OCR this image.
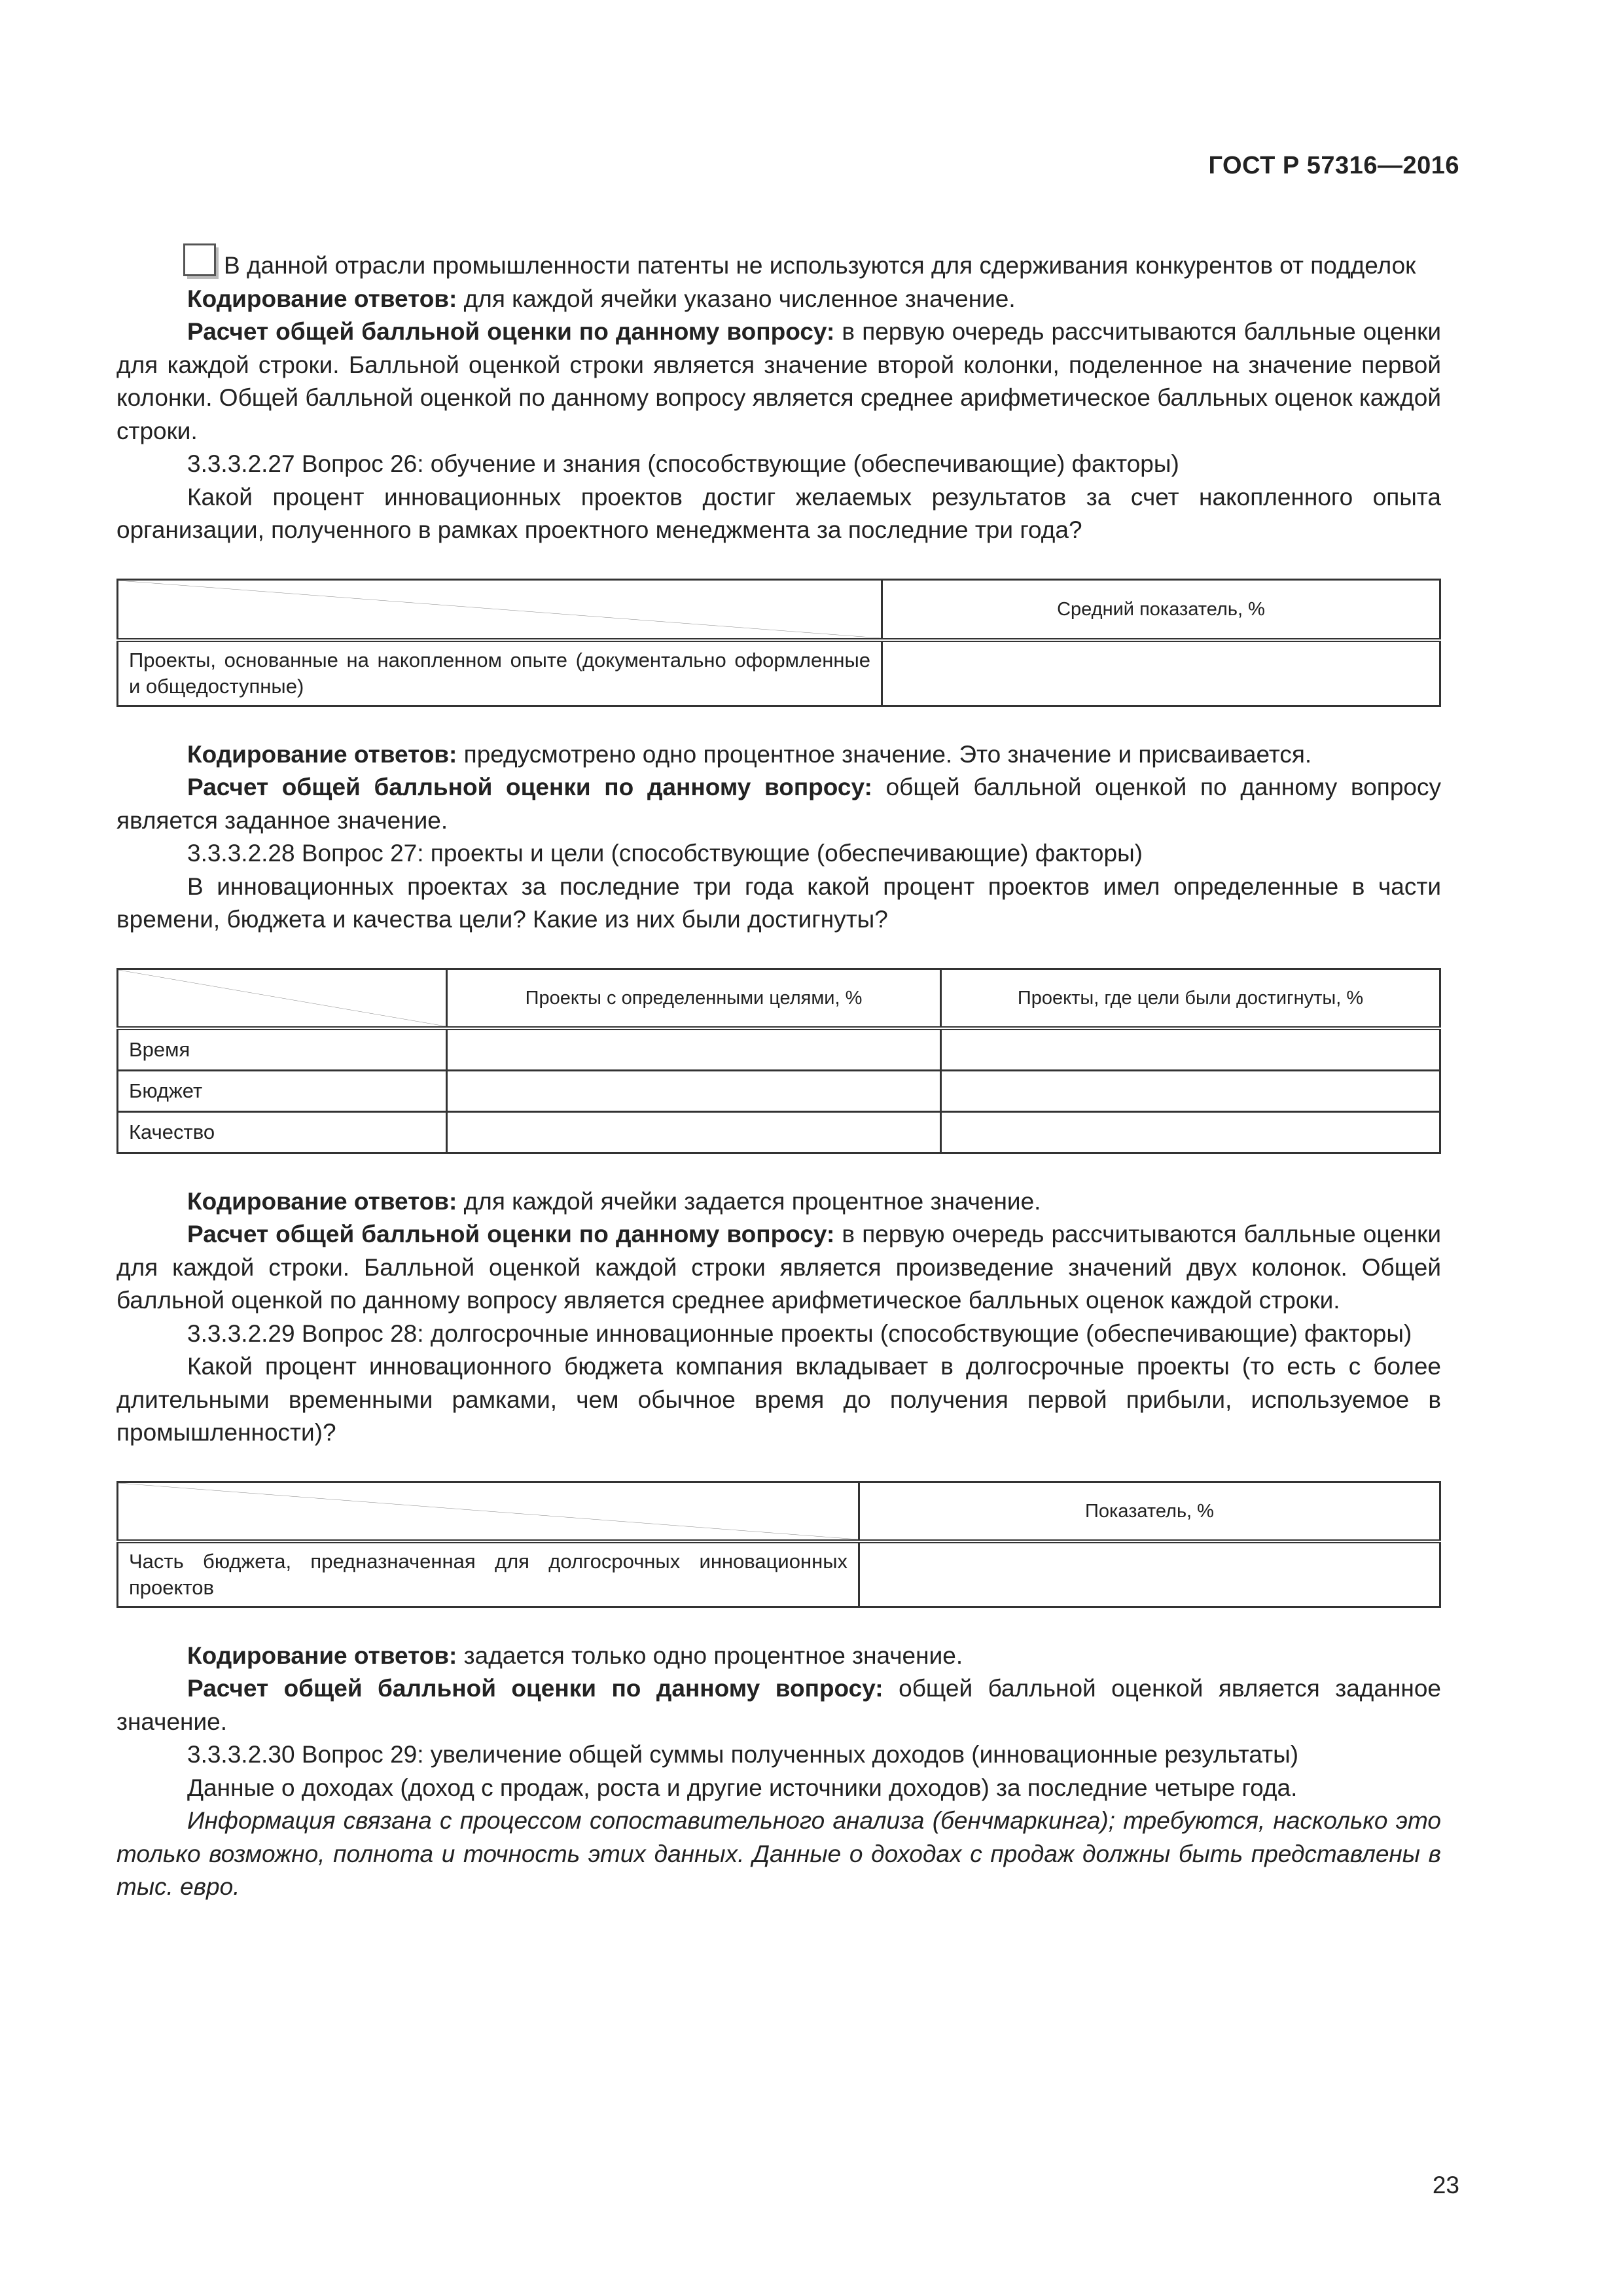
ГОСТ Р 57316—2016

В данной отрасли промышленности патенты не используются для сдерживания конкурентов от подделок

Кодирование ответов: для каждой ячейки указано численное значение.

Расчет общей балльной оценки по данному вопросу: в первую очередь рассчитываются балльные оценки для каждой строки. Балльной оценкой строки является значение второй колонки, поделенное на значение первой колонки. Общей балльной оценкой по данному вопросу является среднее арифметическое балльных оценок каждой строки.

3.3.3.2.27 Вопрос 26: обучение и знания (способствующие (обеспечивающие) факторы)

Какой процент инновационных проектов достиг желаемых результатов за счет накопленного опыта организации, полученного в рамках проектного менеджмента за последние три года?

	Средний показатель, %
Проекты, основанные на накопленном опыте (документально оформленные и общедоступные)	

Кодирование ответов: предусмотрено одно процентное значение. Это значение и присваивается.

Расчет общей балльной оценки по данному вопросу: общей балльной оценкой по данному вопросу является заданное значение.

3.3.3.2.28 Вопрос 27: проекты и цели (способствующие (обеспечивающие) факторы)

В инновационных проектах за последние три года какой процент проектов имел определенные в части времени, бюджета и качества цели? Какие из них были достигнуты?

	Проекты с определенными целями, %	Проекты, где цели были достигнуты, %
Время		
Бюджет		
Качество		

Кодирование ответов: для каждой ячейки задается процентное значение.

Расчет общей балльной оценки по данному вопросу: в первую очередь рассчитываются балльные оценки для каждой строки. Балльной оценкой каждой строки является произведение значений двух колонок. Общей балльной оценкой по данному вопросу является среднее арифметическое балльных оценок каждой строки.

3.3.3.2.29 Вопрос 28: долгосрочные инновационные проекты (способствующие (обеспечивающие) факторы)

Какой процент инновационного бюджета компания вкладывает в долгосрочные проекты (то есть с более длительными временными рамками, чем обычное время до получения первой прибыли, используемое в промышленности)?

	Показатель, %
Часть бюджета, предназначенная для долгосрочных инновационных проектов	

Кодирование ответов: задается только одно процентное значение.

Расчет общей балльной оценки по данному вопросу: общей балльной оценкой является заданное значение.

3.3.3.2.30 Вопрос 29: увеличение общей суммы полученных доходов (инновационные результаты)

Данные о доходах (доход с продаж, роста и другие источники доходов) за последние четыре года.

Информация связана с процессом сопоставительного анализа (бенчмаркинга); требуются, насколько это только возможно, полнота и точность этих данных. Данные о доходах с продаж должны быть представлены в тыс. евро.

23
